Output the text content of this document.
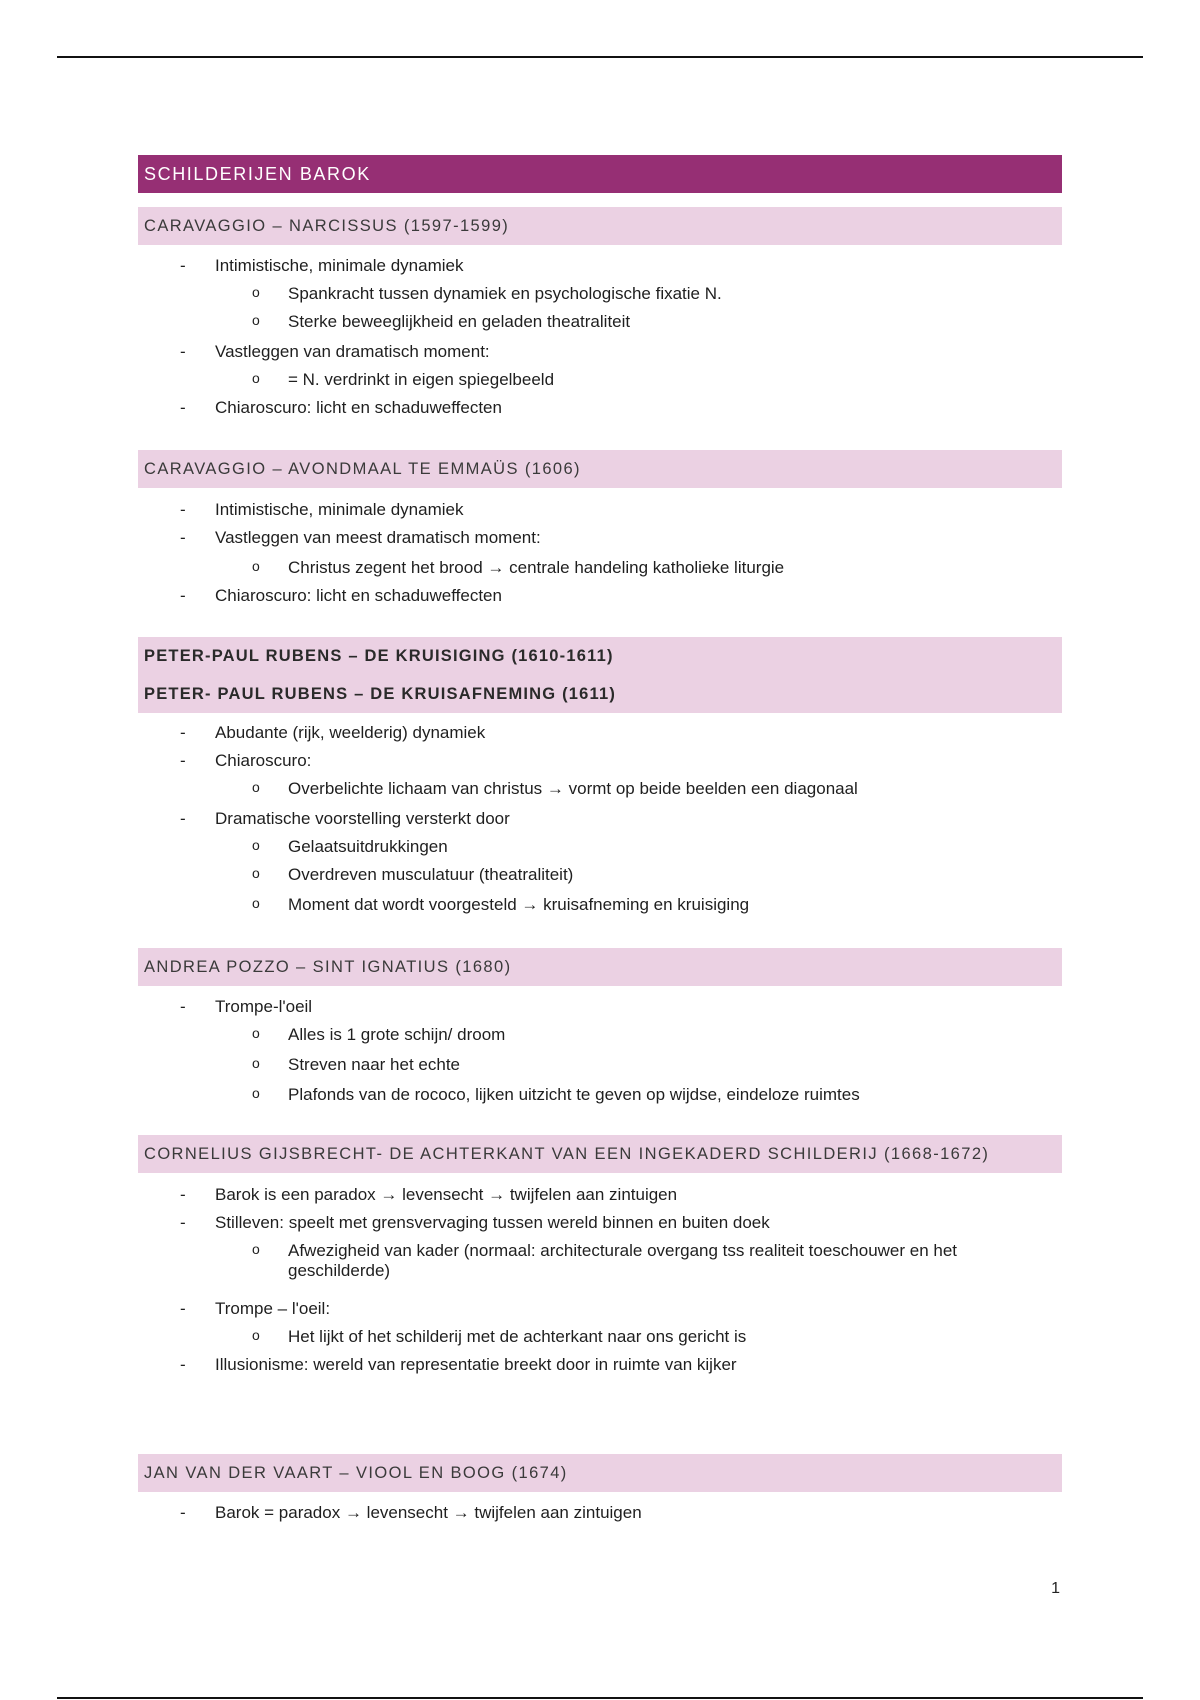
SCHILDERIJEN BAROK
CARAVAGGIO – NARCISSUS (1597-1599)
- Intimistische, minimale dynamiek
o Spankracht tussen dynamiek en psychologische fixatie N.
o Sterke beweeglijkheid en geladen theatraliteit
- Vastleggen van dramatisch moment:
o = N. verdrinkt in eigen spiegelbeeld
- Chiaroscuro: licht en schaduweffecten
CARAVAGGIO – AVONDMAAL TE EMMAÜS (1606)
- Intimistische, minimale dynamiek
- Vastleggen van meest dramatisch moment:
o Christus zegent het brood → centrale handeling katholieke liturgie
- Chiaroscuro: licht en schaduweffecten
PETER-PAUL RUBENS – DE KRUISIGING (1610-1611)
PETER- PAUL RUBENS – DE KRUISAFNEMING (1611)
- Abudante (rijk, weelderig) dynamiek
- Chiaroscuro:
o Overbelichte lichaam van christus → vormt op beide beelden een diagonaal
- Dramatische voorstelling versterkt door
o Gelaatsuitdrukkingen
o Overdreven musculatuur (theatraliteit)
o Moment dat wordt voorgesteld → kruisafneming en kruisiging
ANDREA POZZO – SINT IGNATIUS (1680)
- Trompe-l'oeil
o Alles is 1 grote schijn/ droom
o Streven naar het echte
o Plafonds van de rococo, lijken uitzicht te geven op wijdse, eindeloze ruimtes
CORNELIUS GIJSBRECHT- DE ACHTERKANT VAN EEN INGEKADERD SCHILDERIJ (1668-1672)
- Barok is een paradox → levensecht → twijfelen aan zintuigen
- Stilleven: speelt met grensvervaging tussen wereld binnen en buiten doek
o Afwezigheid van kader (normaal: architecturale overgang tss realiteit toeschouwer en het geschilderde)
- Trompe – l'oeil:
o Het lijkt of het schilderij met de achterkant naar ons gericht is
- Illusionisme: wereld van representatie breekt door in ruimte van kijker
JAN VAN DER VAART – VIOOL EN BOOG (1674)
- Barok = paradox → levensecht → twijfelen aan zintuigen
1
